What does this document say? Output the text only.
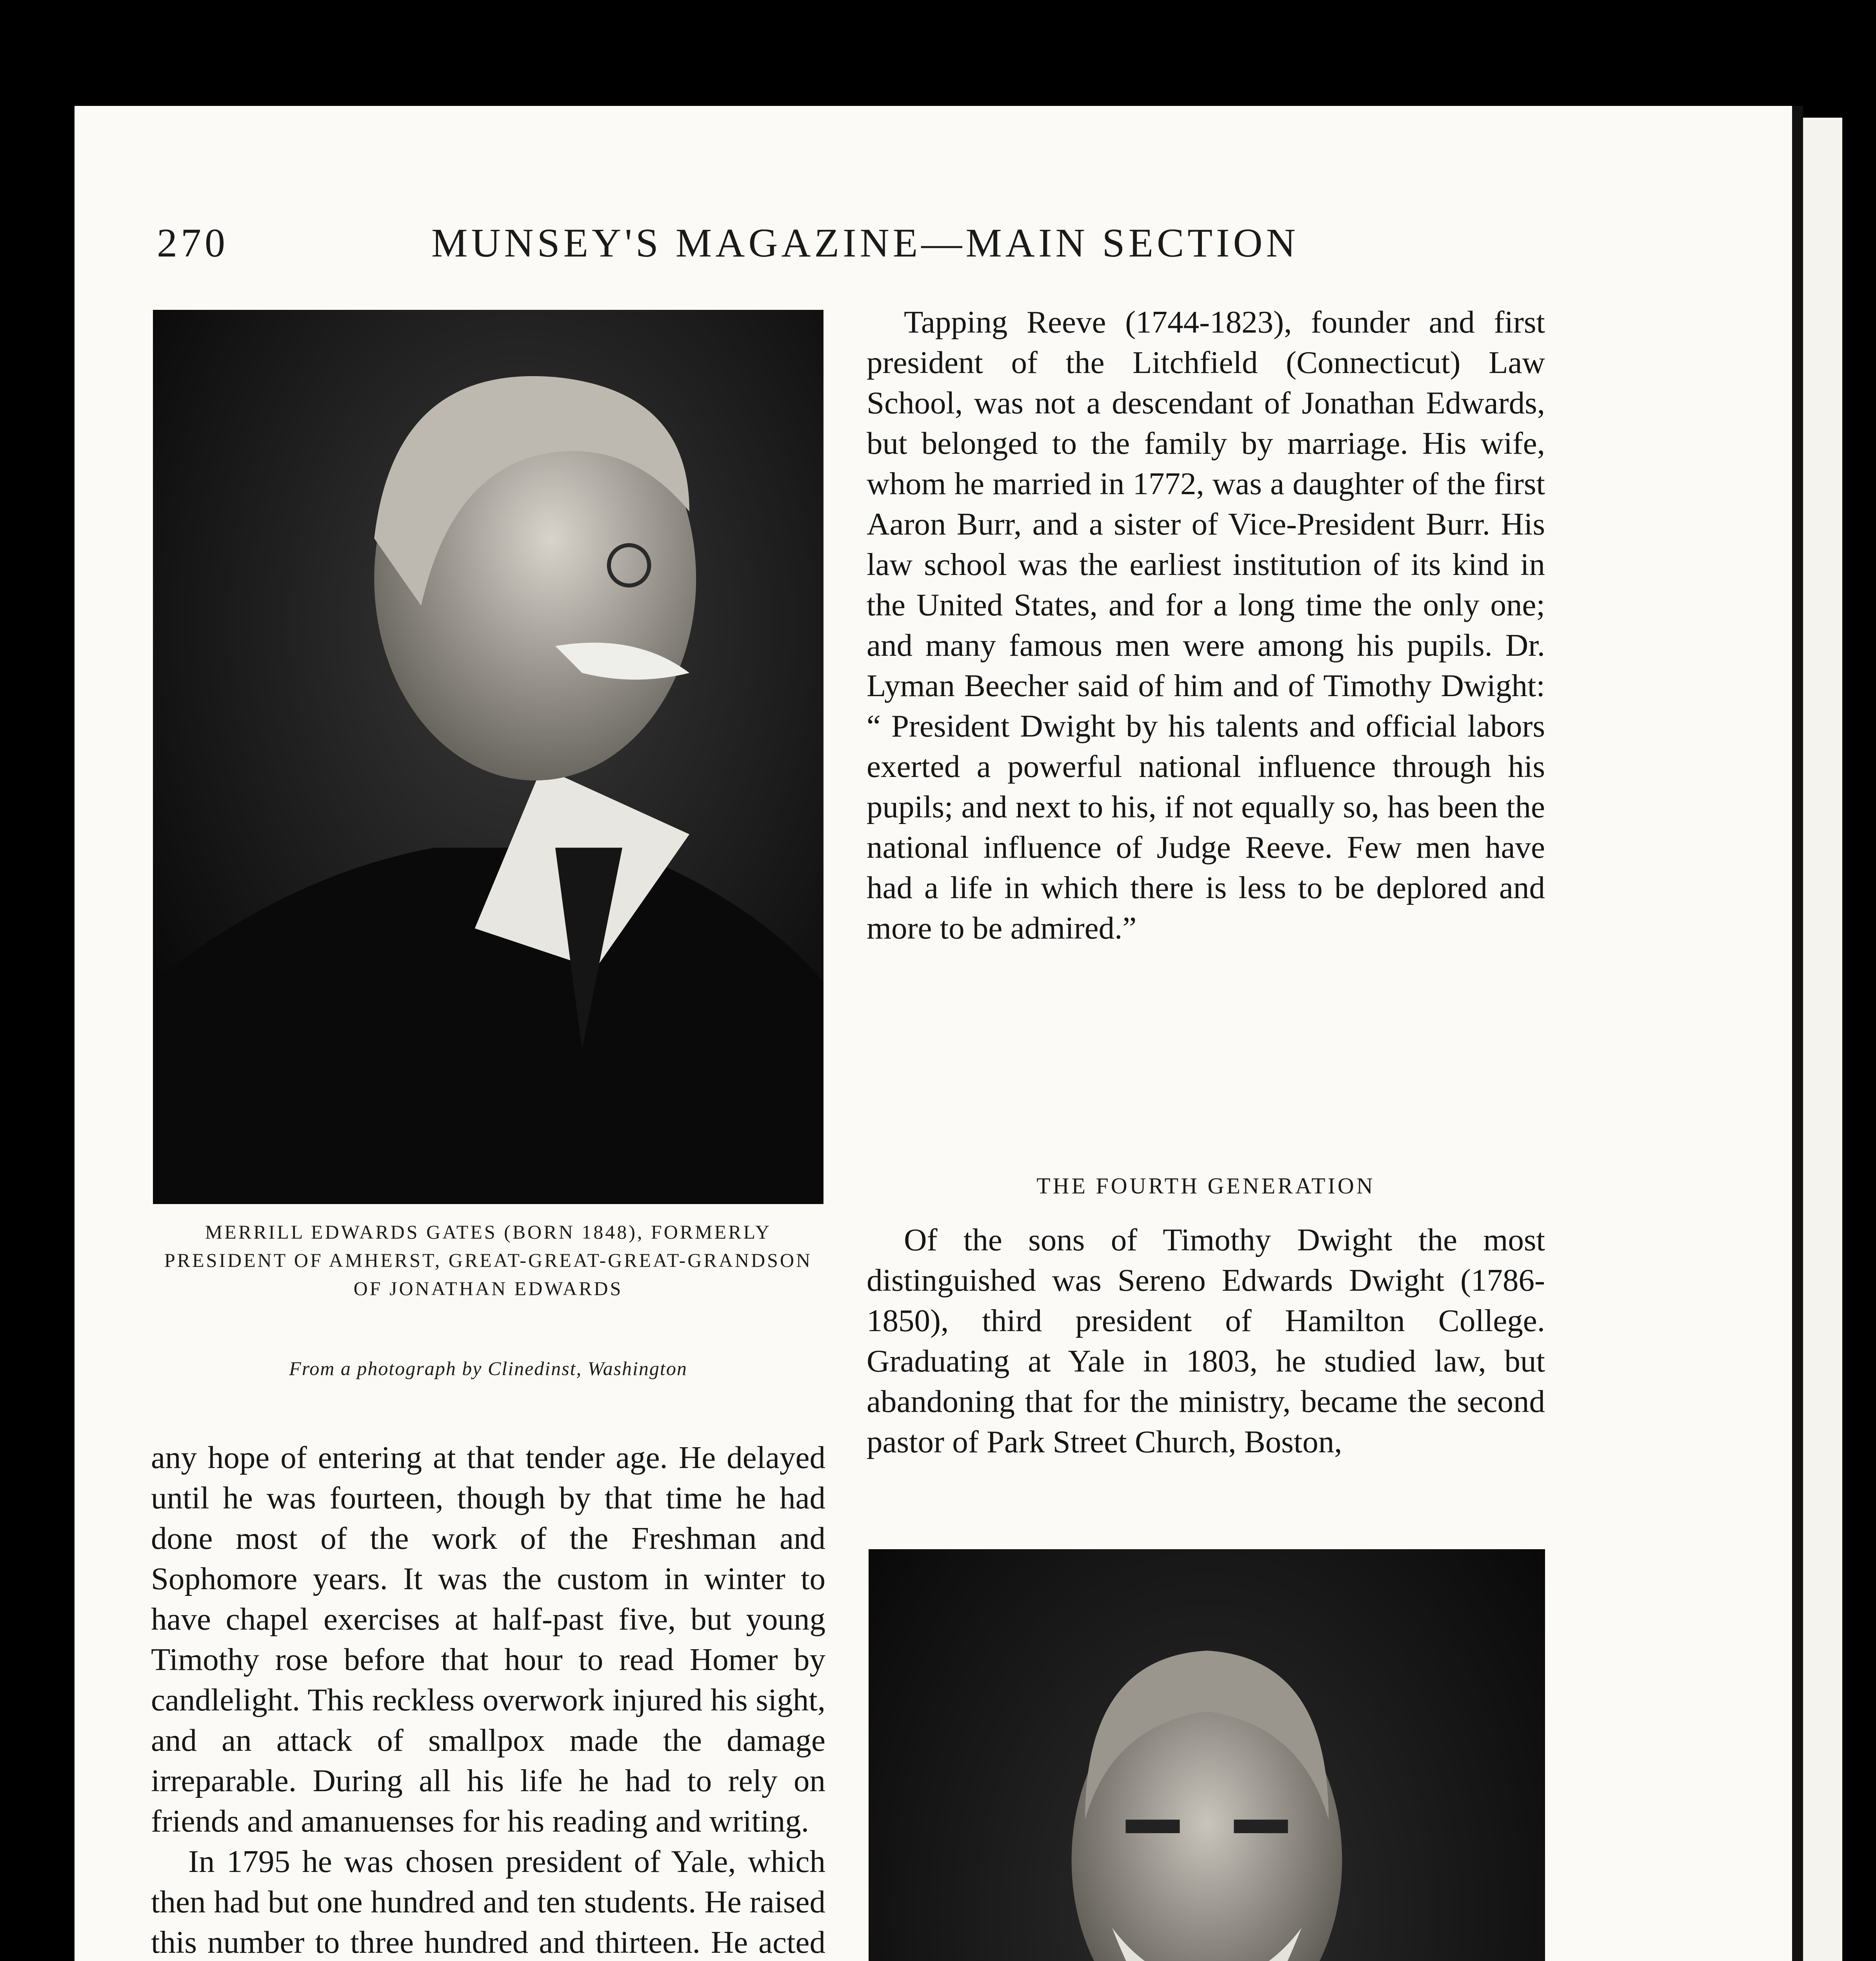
270	MUNSEY'S MAGAZINE—MAIN SECTION
MERRILL EDWARDS GATES (BORN 1848), FORMERLY PRESIDENT OF AMHERST, GREAT-GREAT-GREAT-GRANDSON OF JONATHAN EDWARDS
From a photograph by Clinedinst, Washington

any hope of entering at that tender age. He delayed until he was fourteen, though by that time he had done most of the work of the Freshman and Sophomore years. It was the custom in winter to have chapel exercises at half-past five, but young Timothy rose before that hour to read Homer by candlelight. This reckless overwork injured his sight, and an attack of smallpox made the damage irreparable. During all his life he had to rely on friends and amanuenses for his reading and writing.

In 1795 he was chosen president of Yale, which then had but one hundred and ten students. He raised this number to three hundred and thirteen. He acted

Tapping Reeve (1744-1823), founder and first president of the Litchfield (Connecticut) Law School, was not a descendant of Jonathan Edwards, but belonged to the family by marriage. His wife, whom he married in 1772, was a daughter of the first Aaron Burr, and a sister of Vice-President Burr. His law school was the earliest institution of its kind in the United States, and for a long time the only one; and many famous men were among his pupils. Dr. Lyman Beecher said of him and of Timothy Dwight: “ President Dwight by his talents and official labors exerted a powerful national influence through his pupils; and next to his, if not equally so, has been the national influence of Judge Reeve. Few men have had a life in which there is less to be deplored and more to be admired.”

THE FOURTH GENERATION

Of the sons of Timothy Dwight the most distinguished was Sereno Edwards Dwight (1786-1850), third president of Hamilton College. Graduating at Yale in 1803, he studied law, but abandoning that for the ministry, became the second pastor of Park Street Church, Boston,
